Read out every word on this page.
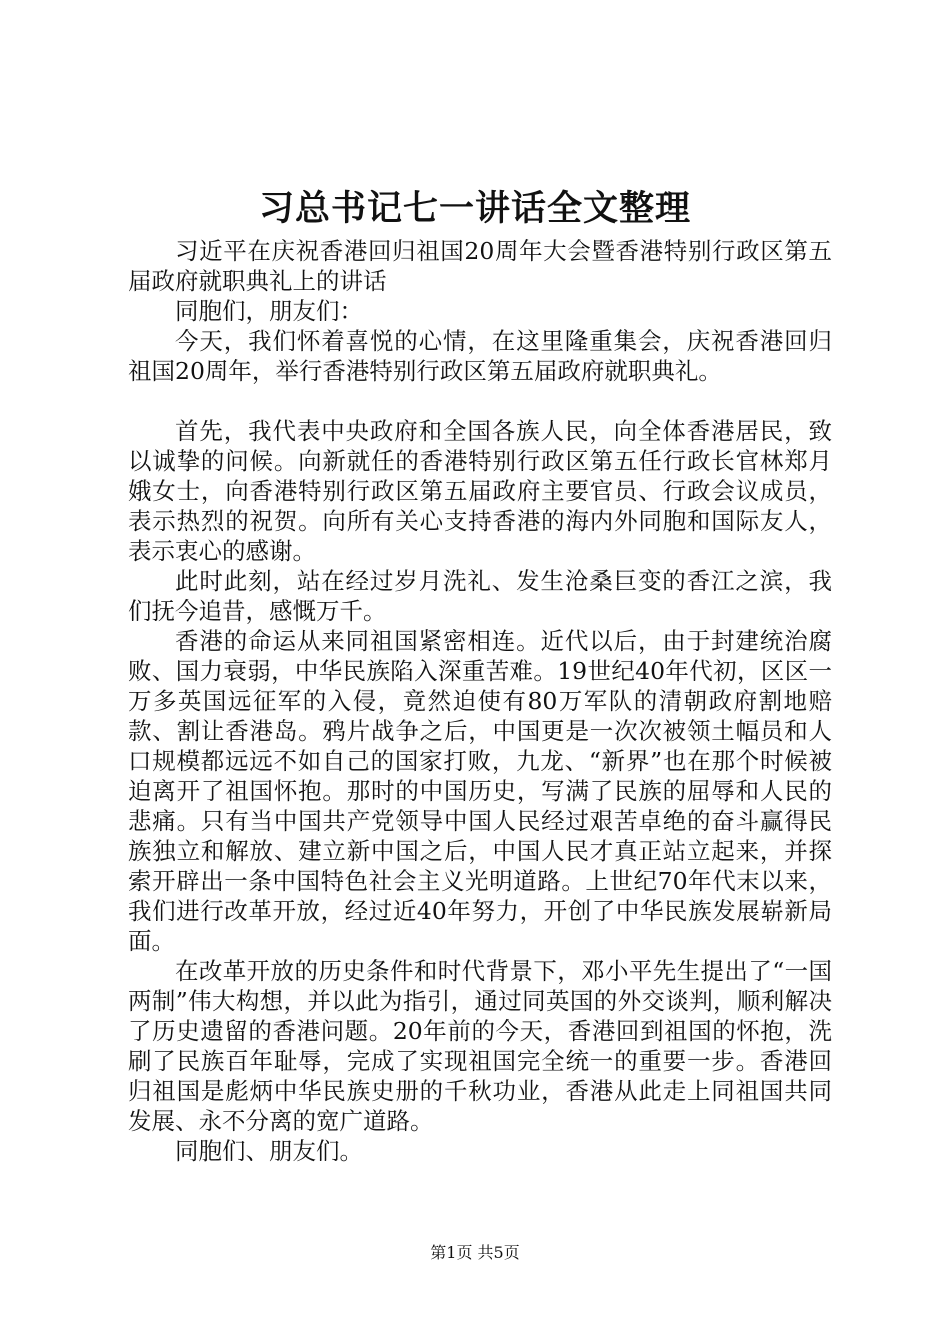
习总书记七一讲话全文整理

习近平在庆祝香港回归祖国20周年大会暨香港特别行政区第五届政府就职典礼上的讲话

同胞们，朋友们：

今天，我们怀着喜悦的心情，在这里隆重集会，庆祝香港回归祖国20周年，举行香港特别行政区第五届政府就职典礼。

首先，我代表中央政府和全国各族人民，向全体香港居民，致以诚挚的问候。向新就任的香港特别行政区第五任行政长官林郑月娥女士，向香港特别行政区第五届政府主要官员、行政会议成员，表示热烈的祝贺。向所有关心支持香港的海内外同胞和国际友人，表示衷心的感谢。

此时此刻，站在经过岁月洗礼、发生沧桑巨变的香江之滨，我们抚今追昔，感慨万千。

香港的命运从来同祖国紧密相连。近代以后，由于封建统治腐败、国力衰弱，中华民族陷入深重苦难。19世纪40年代初，区区一万多英国远征军的入侵，竟然迫使有80万军队的清朝政府割地赔款、割让香港岛。鸦片战争之后，中国更是一次次被领土幅员和人口规模都远远不如自己的国家打败，九龙、“新界”也在那个时候被迫离开了祖国怀抱。那时的中国历史，写满了民族的屈辱和人民的悲痛。只有当中国共产党领导中国人民经过艰苦卓绝的奋斗赢得民族独立和解放、建立新中国之后，中国人民才真正站立起来，并探索开辟出一条中国特色社会主义光明道路。上世纪70年代末以来，我们进行改革开放，经过近40年努力，开创了中华民族发展崭新局面。

在改革开放的历史条件和时代背景下，邓小平先生提出了“一国两制”伟大构想，并以此为指引，通过同英国的外交谈判，顺利解决了历史遗留的香港问题。20年前的今天，香港回到祖国的怀抱，洗刷了民族百年耻辱，完成了实现祖国完全统一的重要一步。香港回归祖国是彪炳中华民族史册的千秋功业，香港从此走上同祖国共同发展、永不分离的宽广道路。

同胞们、朋友们。

第1页 共5页
